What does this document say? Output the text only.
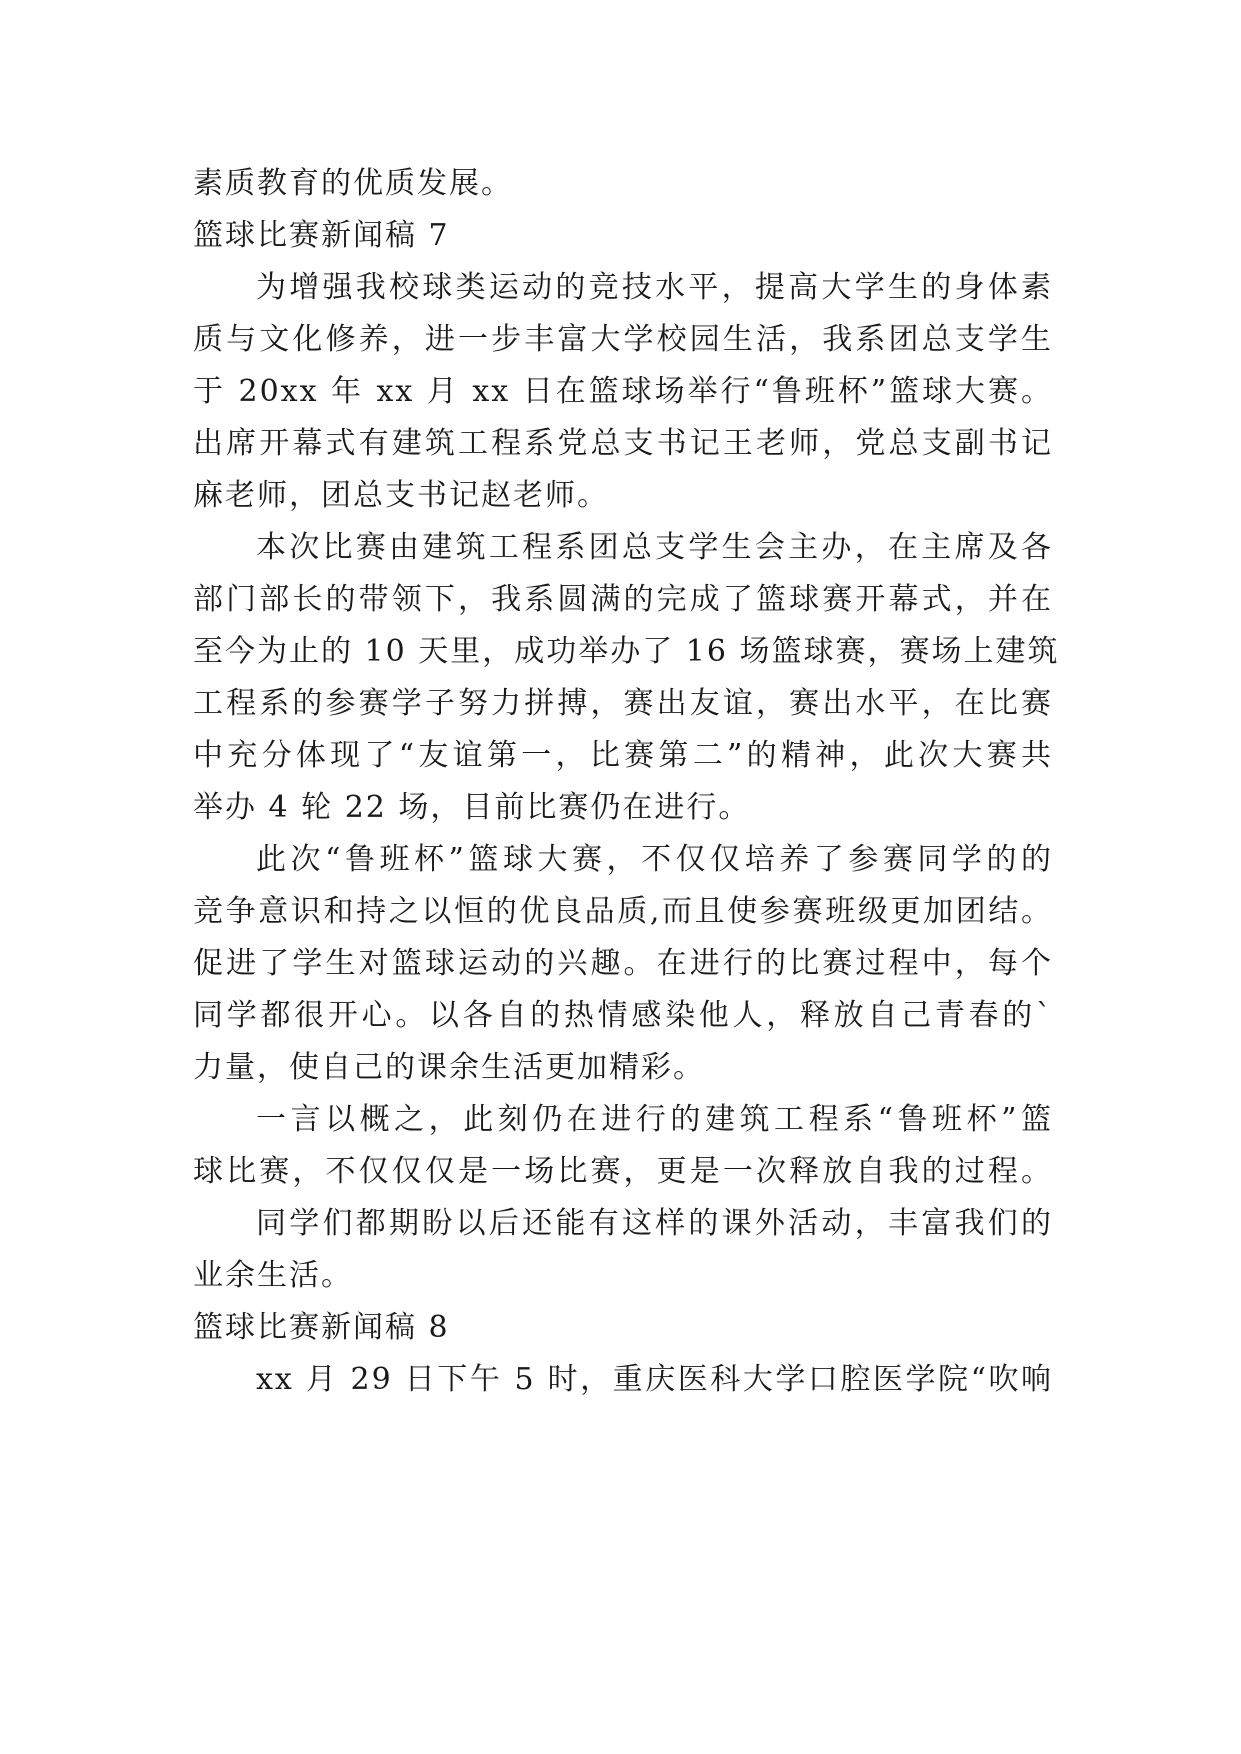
素质教育的优质发展。
篮球比赛新闻稿 7
为增强我校球类运动的竞技水平，提高大学生的身体素
质与文化修养，进一步丰富大学校园生活，我系团总支学生
于 20xx 年 xx 月 xx 日在篮球场举行“鲁班杯”篮球大赛。
出席开幕式有建筑工程系党总支书记王老师，党总支副书记
麻老师，团总支书记赵老师。
本次比赛由建筑工程系团总支学生会主办，在主席及各
部门部长的带领下，我系圆满的完成了篮球赛开幕式，并在
至今为止的 10 天里，成功举办了 16 场篮球赛，赛场上建筑
工程系的参赛学子努力拼搏，赛出友谊，赛出水平，在比赛
中充分体现了“友谊第一，比赛第二”的精神，此次大赛共
举办 4 轮 22 场，目前比赛仍在进行。
此次“鲁班杯”篮球大赛，不仅仅培养了参赛同学的的
竞争意识和持之以恒的优良品质,而且使参赛班级更加团结。
促进了学生对篮球运动的兴趣。在进行的比赛过程中，每个
同学都很开心。以各自的热情感染他人，释放自己青春的`
力量，使自己的课余生活更加精彩。
一言以概之，此刻仍在进行的建筑工程系“鲁班杯”篮
球比赛，不仅仅仅是一场比赛，更是一次释放自我的过程。
同学们都期盼以后还能有这样的课外活动，丰富我们的
业余生活。
篮球比赛新闻稿 8
xx 月 29 日下午 5 时，重庆医科大学口腔医学院“吹响
